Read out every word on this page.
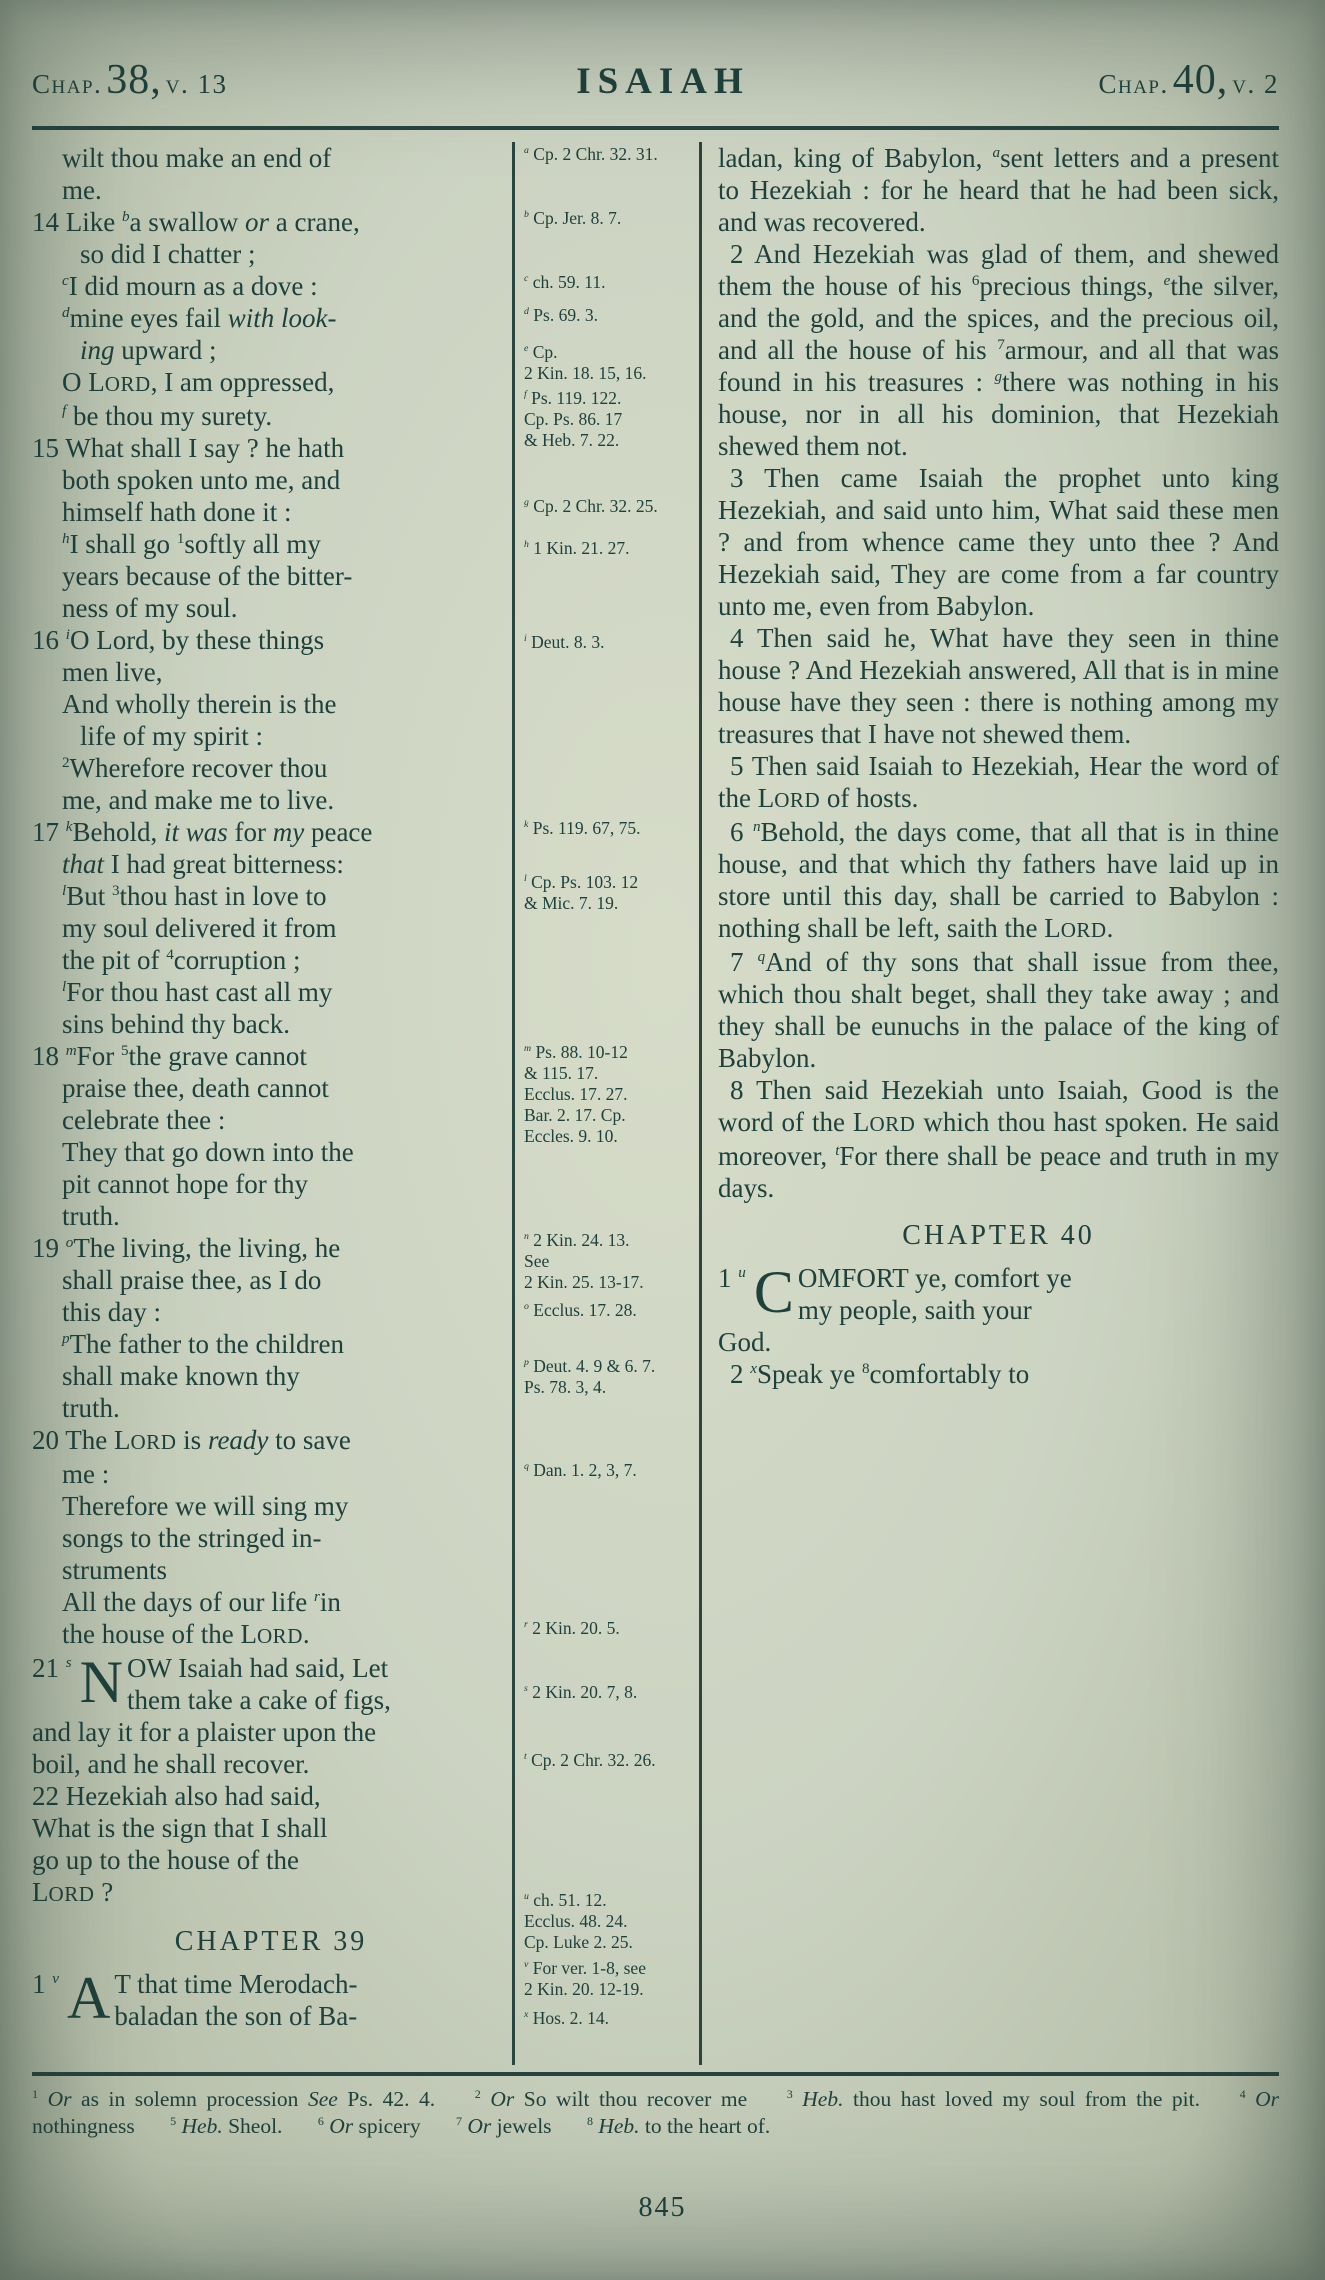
Chap. 38, v. 13	ISAIAH	Chap. 40, v. 2
wilt thou make an end of
me.
14 Like $^b$a swallow or a crane,
so did I chatter ;
$^c$I did mourn as a dove :
$^d$mine eyes fail with look-
ing upward ;
O LORD, I am oppressed,
$^f$ be thou my surety.
15 What shall I say ? he hath
both spoken unto me, and
himself hath done it :
$^h$I shall go $^1$softly all my
years because of the bitter-
ness of my soul.
16 $^i$O Lord, by these things
men live,
And wholly therein is the
life of my spirit :
$^2$Wherefore recover thou
me, and make me to live.
17 $^k$Behold, it was for my peace
that I had great bitterness:
$^l$But $^3$thou hast in love to
my soul delivered it from
the pit of $^4$corruption ;
$^l$For thou hast cast all my
sins behind thy back.
18 $^m$For $^5$the grave cannot
praise thee, death cannot
celebrate thee :
They that go down into the
pit cannot hope for thy
truth.
19 $^o$The living, the living, he
shall praise thee, as I do
this day :
$^p$The father to the children
shall make known thy
truth.
20 The LORD is ready to save
me :
Therefore we will sing my
songs to the stringed in-
struments
All the days of our life $^r$in
the house of the LORD.
21 $^s$ N OW Isaiah had said, Let
them take a cake of figs,
and lay it for a plaister upon the
boil, and he shall recover.
22 Hezekiah also had said,
What is the sign that I shall
go up to the house of the
LORD ?
CHAPTER 39
1 $^v$ A T that time Merodach-
baladan the son of Ba-
$^a$ Cp. 2 Chr. 32. 31.
$^b$ Cp. Jer. 8. 7.
$^c$ ch. 59. 11.
$^d$ Ps. 69. 3.
$^e$ Cp.
2 Kin. 18. 15, 16.
$^f$ Ps. 119. 122.
Cp. Ps. 86. 17
& Heb. 7. 22.
$^g$ Cp. 2 Chr. 32. 25.
$^h$ 1 Kin. 21. 27.
$^i$ Deut. 8. 3.
$^k$ Ps. 119. 67, 75.
$^l$ Cp. Ps. 103. 12
& Mic. 7. 19.
$^m$ Ps. 88. 10-12
& 115. 17.
Ecclus. 17. 27.
Bar. 2. 17. Cp.
Eccles. 9. 10.
$^n$ 2 Kin. 24. 13.
See
2 Kin. 25. 13-17.
$^o$ Ecclus. 17. 28.
$^p$ Deut. 4. 9 & 6. 7.
Ps. 78. 3, 4.
$^q$ Dan. 1. 2, 3, 7.
$^r$ 2 Kin. 20. 5.
$^s$ 2 Kin. 20. 7, 8.
$^t$ Cp. 2 Chr. 32. 26.
$^u$ ch. 51. 12.
Ecclus. 48. 24.
Cp. Luke 2. 25.
$^v$ For ver. 1-8, see
2 Kin. 20. 12-19.
$^x$ Hos. 2. 14.
ladan, king of Babylon, $^a$sent letters and a present to Hezekiah : for he heard that he had been sick, and was recovered.
2 And Hezekiah was glad of them, and shewed them the house of his $^6$precious things, $^e$the silver, and the gold, and the spices, and the precious oil, and all the house of his $^7$armour, and all that was found in his treasures : $^g$there was nothing in his house, nor in all his dominion, that Hezekiah shewed them not.
3 Then came Isaiah the prophet unto king Hezekiah, and said unto him, What said these men ? and from whence came they unto thee ? And Hezekiah said, They are come from a far country unto me, even from Babylon.
4 Then said he, What have they seen in thine house ? And Hezekiah answered, All that is in mine house have they seen : there is nothing among my treasures that I have not shewed them.
5 Then said Isaiah to Hezekiah, Hear the word of the LORD of hosts.
6 $^n$Behold, the days come, that all that is in thine house, and that which thy fathers have laid up in store until this day, shall be carried to Babylon : nothing shall be left, saith the LORD.
7 $^q$And of thy sons that shall issue from thee, which thou shalt beget, shall they take away ; and they shall be eunuchs in the palace of the king of Babylon.
8 Then said Hezekiah unto Isaiah, Good is the word of the LORD which thou hast spoken. He said moreover, $^t$For there shall be peace and truth in my days.
CHAPTER 40
1 $^u$ C OMFORT ye, comfort ye
my people, saith your
God.
2 $^x$Speak ye $^8$comfortably to
$^1$ Or as in solemn procession See Ps. 42. 4.	$^2$ Or So wilt thou recover me	$^3$ Heb. thou hast loved my soul from the pit.	$^4$ Or nothingness	$^5$ Heb. Sheol.	$^6$ Or spicery	$^7$ Or jewels	$^8$ Heb. to the heart of.
845
